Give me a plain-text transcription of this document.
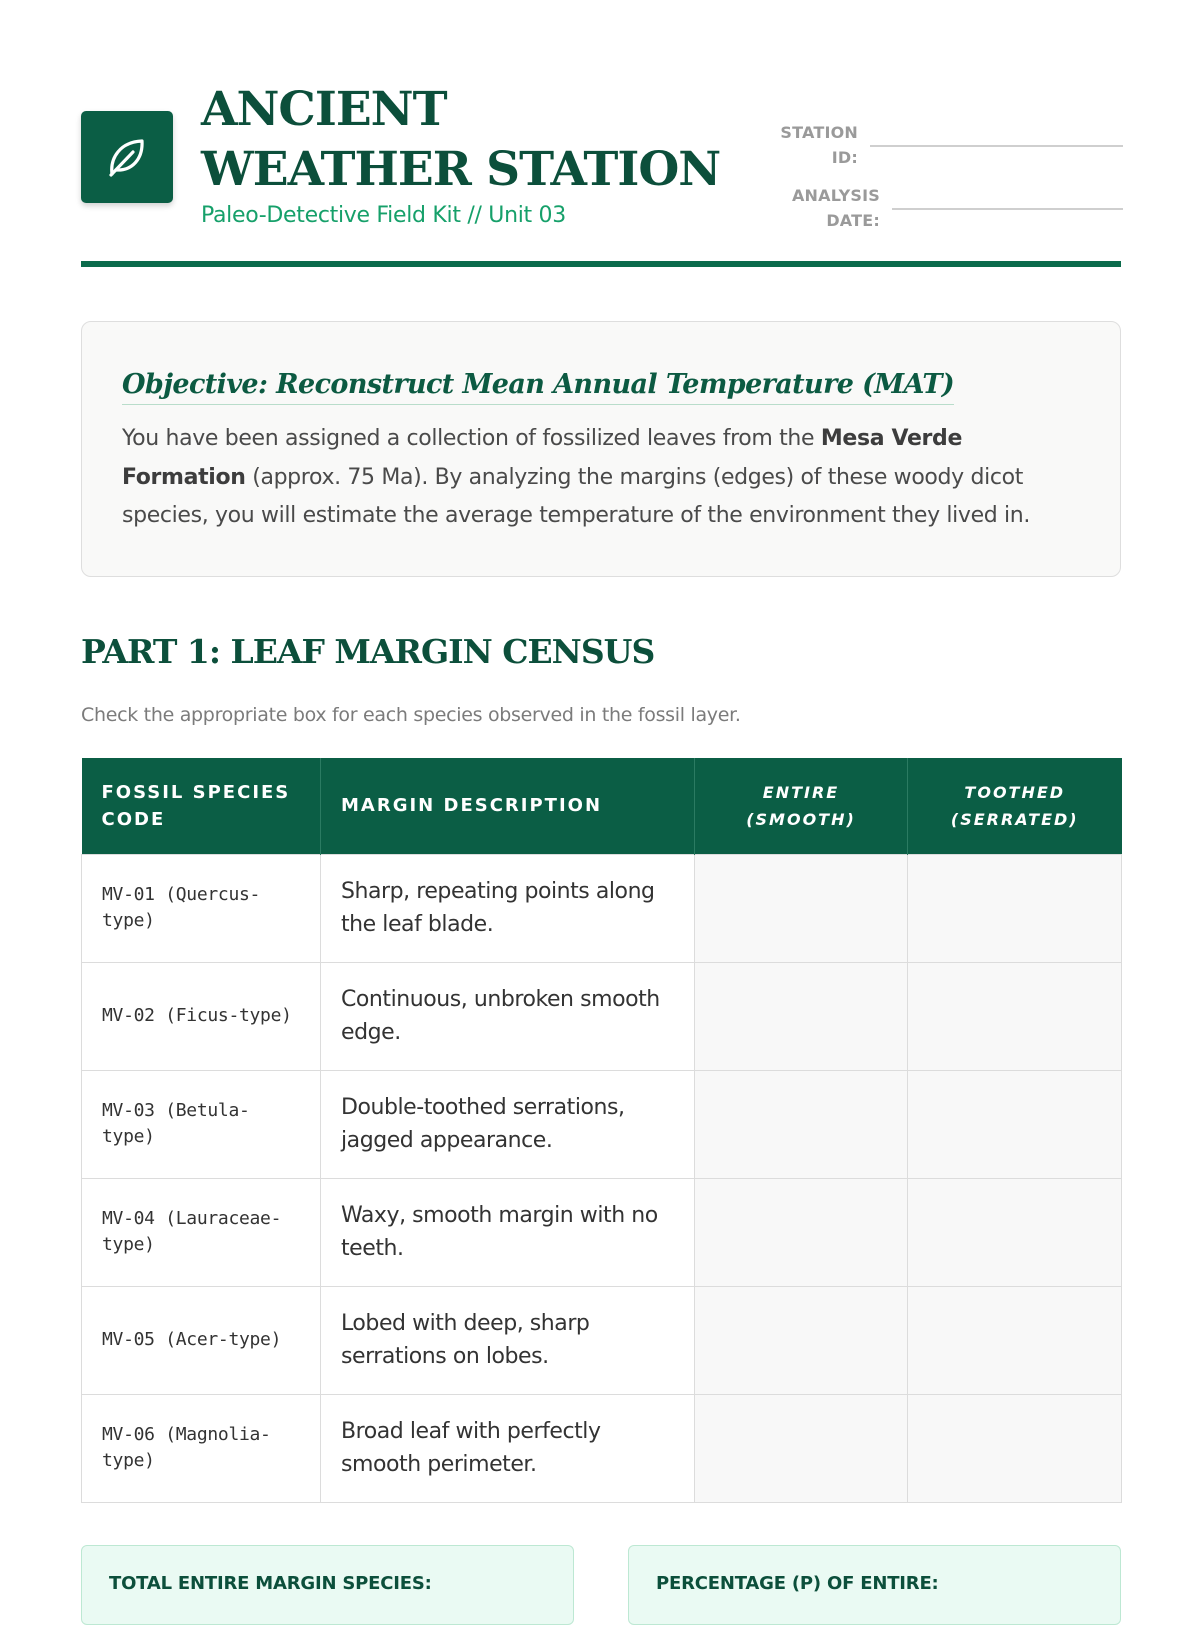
ANCIENT WEATHER STATION
Paleo-Detective Field Kit // Unit 03
STATION ID:
ANALYSIS DATE:
Objective: Reconstruct Mean Annual Temperature (MAT)
You have been assigned a collection of fossilized leaves from the Mesa Verde Formation (approx. 75 Ma). By analyzing the margins (edges) of these woody dicot species, you will estimate the average temperature of the environment they lived in.
PART 1: LEAF MARGIN CENSUS
Check the appropriate box for each species observed in the fossil layer.
FOSSIL SPECIES CODE	MARGIN DESCRIPTION	ENTIRE (SMOOTH)	TOOTHED (SERRATED)
MV-01 (Quercus-type)	Sharp, repeating points along the leaf blade.		
MV-02 (Ficus-type)	Continuous, unbroken smooth edge.		
MV-03 (Betula-type)	Double-toothed serrations, jagged appearance.		
MV-04 (Lauraceae-type)	Waxy, smooth margin with no teeth.		
MV-05 (Acer-type)	Lobed with deep, sharp serrations on lobes.		
MV-06 (Magnolia-type)	Broad leaf with perfectly smooth perimeter.		
TOTAL ENTIRE MARGIN SPECIES:	PERCENTAGE (P) OF ENTIRE:
